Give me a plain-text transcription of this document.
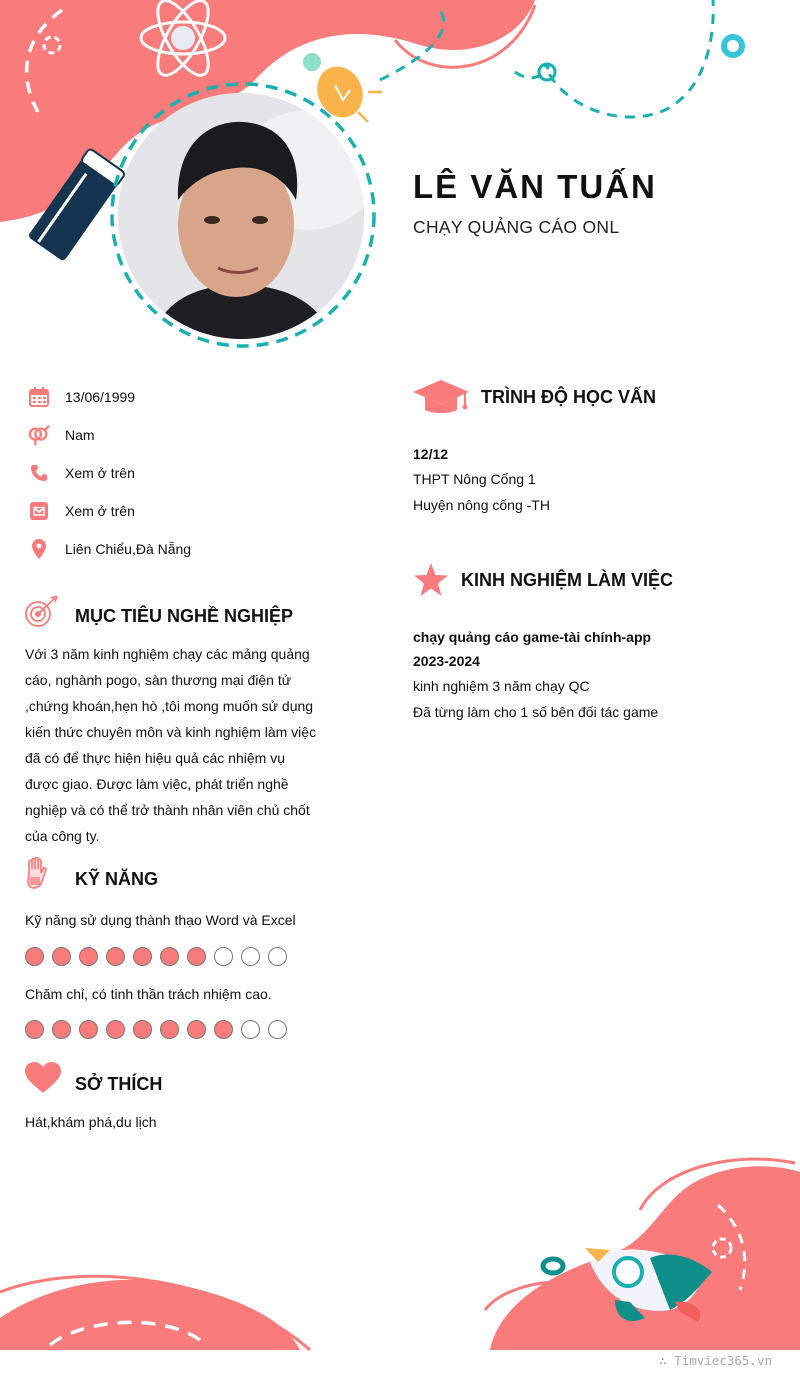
LÊ VĂN TUẤN
CHẠY QUẢNG CÁO ONL
13/06/1999
Nam
Xem ở trên
Xem ở trên
Liên Chiểu,Đà Nẵng
MỤC TIÊU NGHỀ NGHIỆP
Với 3 năm kinh nghiệm chạy các mảng quảng
cáo, nghành pogo, sàn thương mại điện tử
,chứng khoán,hẹn hò ,tôi mong muốn sử dụng
kiến thức chuyên môn và kinh nghiệm làm việc
đã có để thực hiện hiệu quả các nhiệm vụ
được giao. Được làm việc, phát triển nghề
nghiệp và có thể trở thành nhân viên chủ chốt
của công ty.
KỸ NĂNG
Kỹ năng sử dụng thành thạo Word và Excel
Chăm chỉ, có tinh thần trách nhiệm cao.
SỞ THÍCH
Hát,khám phá,du lịch
TRÌNH ĐỘ HỌC VẤN
12/12
THPT Nông Cống 1
Huyện nông cống -TH
KINH NGHIỆM LÀM VIỆC
chạy quảng cáo game-tài chính-app
2023-2024
kinh nghiệm 3 năm chạy QC
Đã từng làm cho 1 số bên đối tác game
∴ Timviec365.vn
